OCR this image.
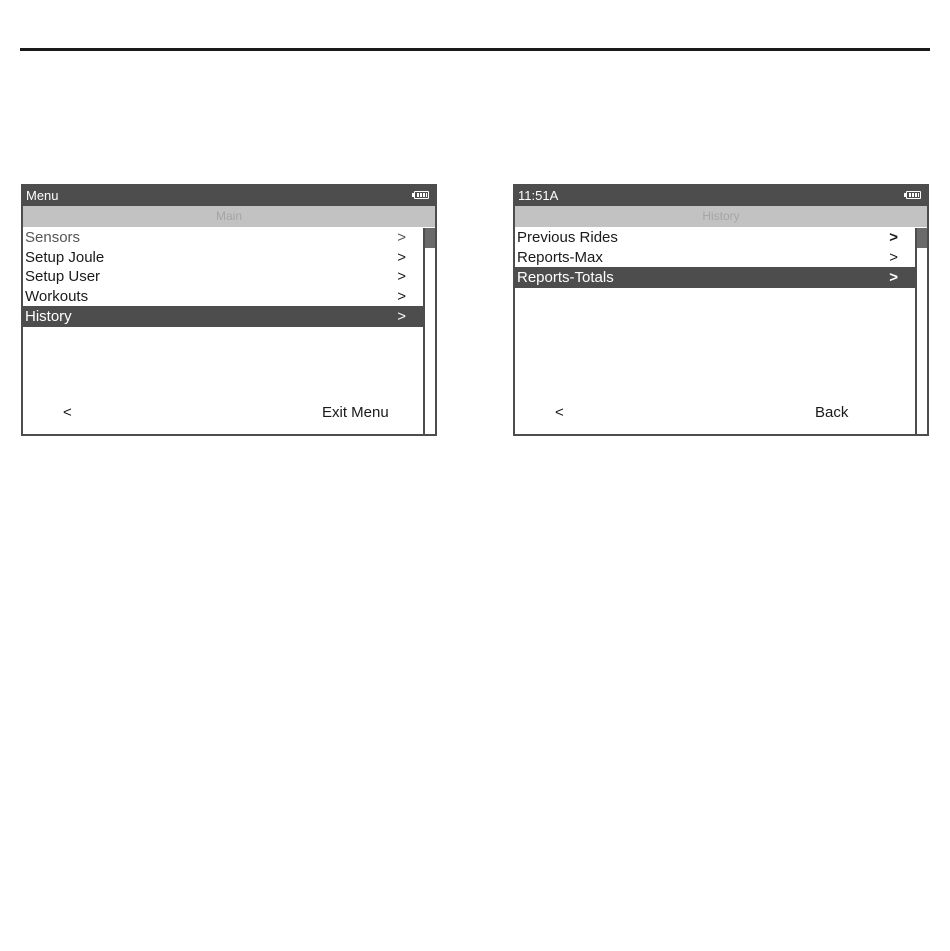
Menu
Main
Sensors	>
Setup Joule	>
Setup User	>
Workouts	>
History	>
<	Exit Menu
11:51A
History
Previous Rides	>
Reports-Max	>
Reports-Totals	>
<	Back
